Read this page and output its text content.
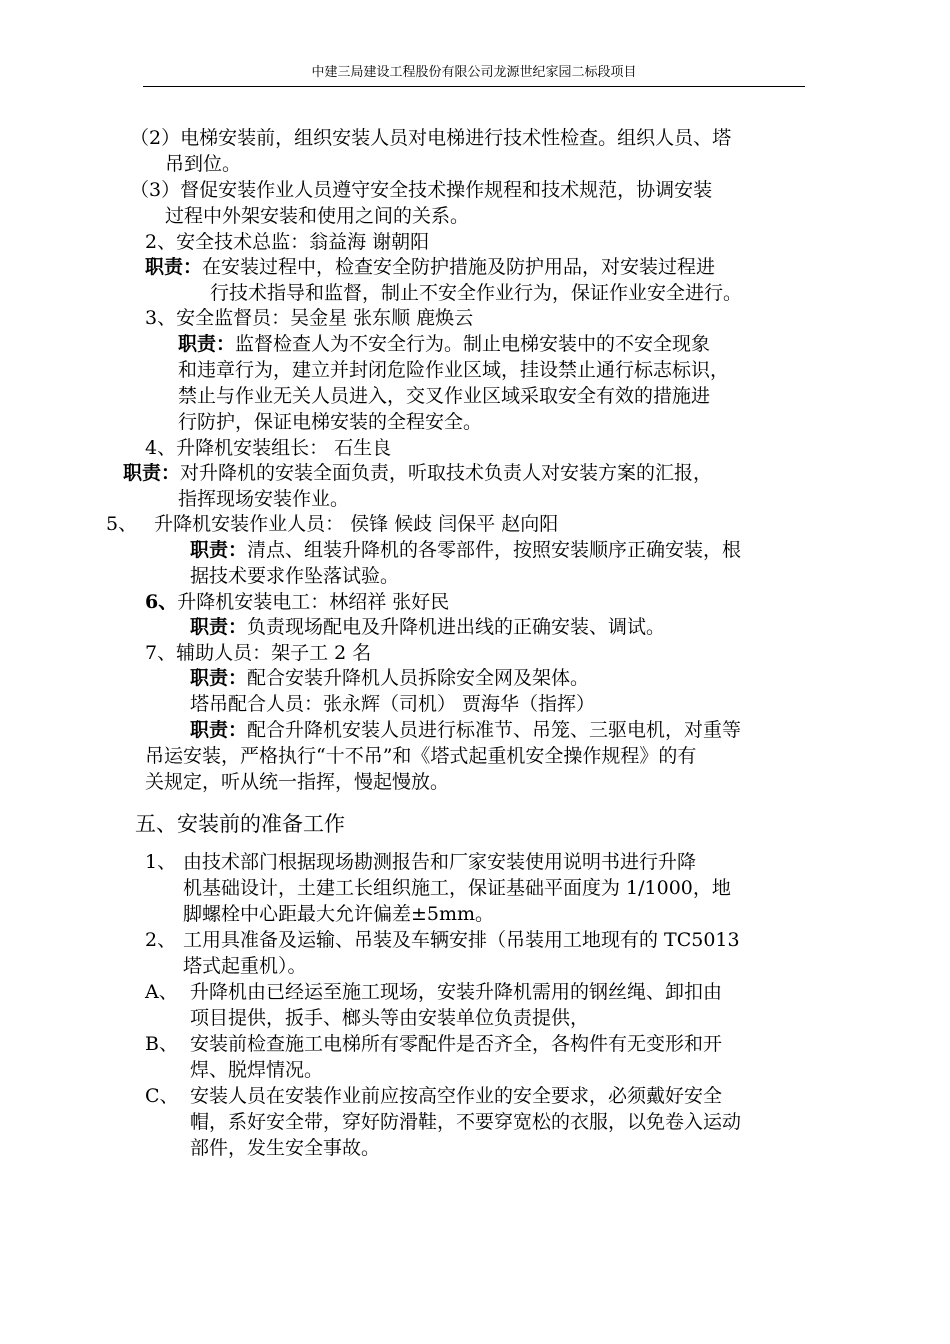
中建三局建设工程股份有限公司龙源世纪家园二标段项目
（2）电梯安装前，组织安装人员对电梯进行技术性检查。组织人员、塔
吊到位。
（3）督促安装作业人员遵守安全技术操作规程和技术规范，协调安装
过程中外架安装和使用之间的关系。
2、安全技术总监：翁益海 谢朝阳
职责：在安装过程中，检查安全防护措施及防护用品，对安装过程进
行技术指导和监督，制止不安全作业行为，保证作业安全进行。
3、安全监督员：吴金星 张东顺 鹿焕云
职责：监督检查人为不安全行为。制止电梯安装中的不安全现象
和违章行为，建立并封闭危险作业区域，挂设禁止通行标志标识，
禁止与作业无关人员进入，交叉作业区域采取安全有效的措施进
行防护，保证电梯安装的全程安全。
4、升降机安装组长： 石生良
职责：对升降机的安装全面负责，听取技术负责人对安装方案的汇报，
指挥现场安装作业。
5、 升降机安装作业人员： 侯锋 候歧 闫保平 赵向阳
职责：清点、组装升降机的各零部件，按照安装顺序正确安装，根
据技术要求作坠落试验。
6、升降机安装电工：林绍祥 张好民
职责：负责现场配电及升降机进出线的正确安装、调试。
7、辅助人员：架子工 2 名
职责：配合安装升降机人员拆除安全网及架体。
塔吊配合人员：张永辉（司机） 贾海华（指挥）
职责：配合升降机安装人员进行标准节、吊笼、三驱电机，对重等
吊运安装，严格执行“十不吊”和《塔式起重机安全操作规程》的有
关规定，听从统一指挥，慢起慢放。
五、安装前的准备工作
1、 由技术部门根据现场勘测报告和厂家安装使用说明书进行升降
机基础设计，土建工长组织施工，保证基础平面度为 1/1000，地
脚螺栓中心距最大允许偏差±5mm。
2、 工用具准备及运输、吊装及车辆安排（吊装用工地现有的 TC5013
塔式起重机）。
A、 升降机由已经运至施工现场，安装升降机需用的钢丝绳、卸扣由
项目提供，扳手、榔头等由安装单位负责提供，
B、 安装前检查施工电梯所有零配件是否齐全，各构件有无变形和开
焊、脱焊情况。
C、 安装人员在安装作业前应按高空作业的安全要求，必须戴好安全
帽，系好安全带，穿好防滑鞋，不要穿宽松的衣服，以免卷入运动
部件，发生安全事故。
